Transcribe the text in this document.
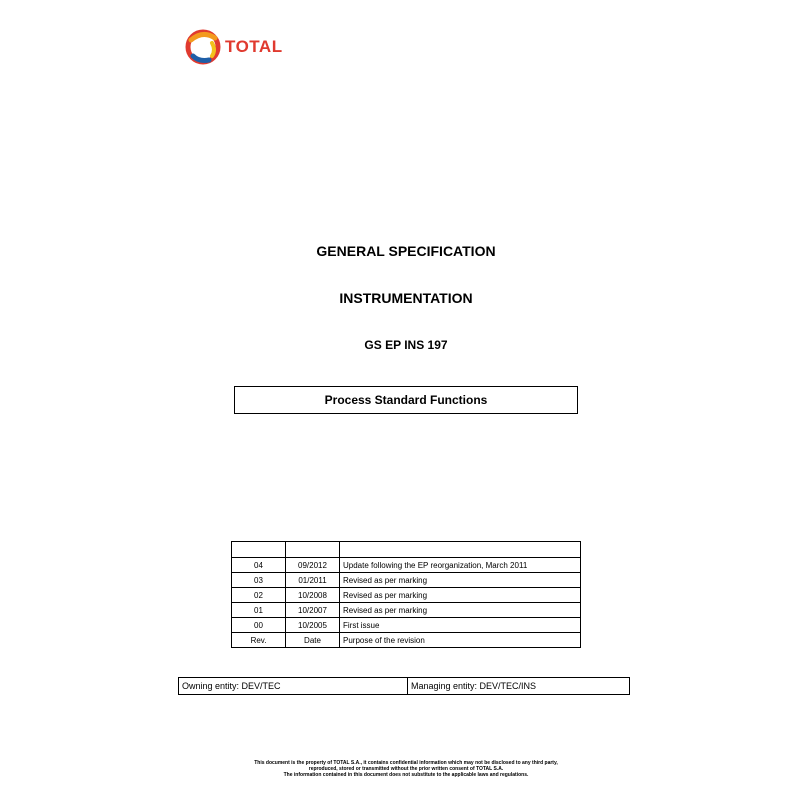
TOTAL
GENERAL SPECIFICATION
INSTRUMENTATION
GS EP INS 197
Process Standard Functions

04	09/2012	Update following the EP reorganization, March 2011
03	01/2011	Revised as per marking
02	10/2008	Revised as per marking
01	10/2007	Revised as per marking
00	10/2005	First issue
Rev.	Date	Purpose of the revision
Owning entity: DEV/TEC	Managing entity: DEV/TEC/INS
This document is the property of TOTAL S.A., it contains confidential information which may not be disclosed to any third party,
reproduced, stored or transmitted without the prior written consent of TOTAL S.A.
The information contained in this document does not substitute to the applicable laws and regulations.
